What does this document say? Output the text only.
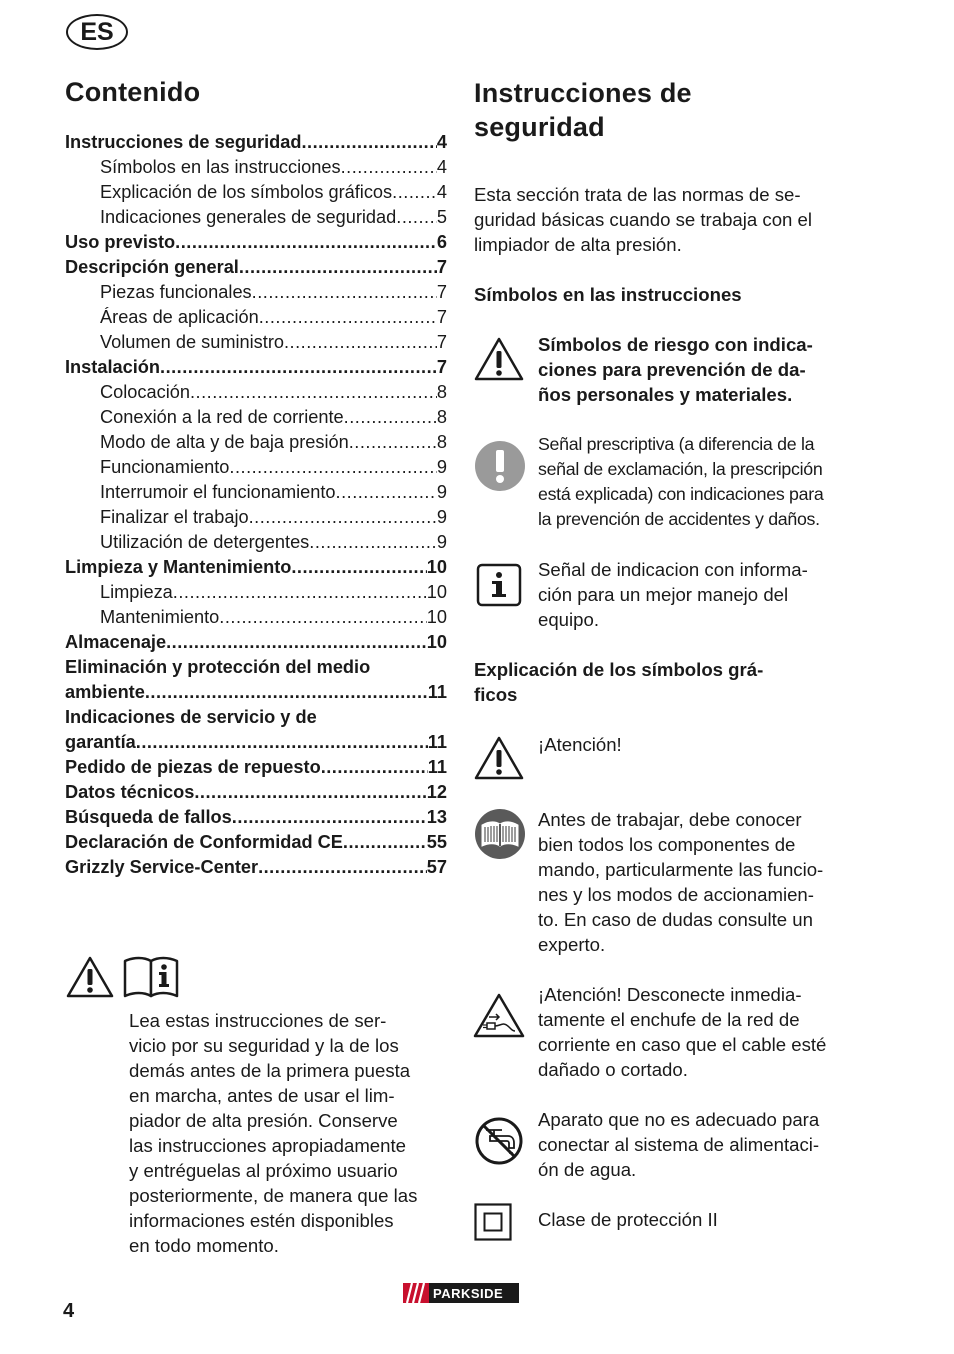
ES
Contenido
Instrucciones de seguridad .....	4
Símbolos en las instrucciones .....	4
Explicación de los símbolos gráficos ..... 4
Indicaciones generales de seguridad ..... 5
Uso previsto .....	6
Descripción general .....	7
Piezas funcionales .....	7
Áreas de aplicación .....	7
Volumen de suministro .....	7
Instalación .....	7
Colocación .....	8
Conexión a la red de corriente .....	8
Modo de alta y de baja presión .....	8
Funcionamiento .....	9
Interrumoir el funcionamiento .....	9
Finalizar el trabajo .....	9
Utilización de detergentes .....	9
Limpieza y Mantenimiento .....	10
Limpieza .....	10
Mantenimiento .....	10
Almacenaje .....	10
Eliminación y protección del medio
ambiente .....	11
Indicaciones de servicio y de
garantía .....	11
Pedido de piezas de repuesto .....	11
Datos técnicos .....	12
Búsqueda de fallos .....	13
Declaración de Conformidad CE .....	55
Grizzly Service-Center .....	57
Lea estas instrucciones de ser-
vicio por su seguridad y la de los
demás antes de la primera puesta
en marcha, antes de usar el lim-
piador de alta presión. Conserve
las instrucciones apropiadamente
y entréguelas al próximo usuario
posteriormente, de manera que las
informaciones estén disponibles
en todo momento.
Instrucciones de
seguridad
Esta sección trata de las normas de se-
guridad básicas cuando se trabaja con el
limpiador de alta presión.
Símbolos en las instrucciones
Símbolos de riesgo con indica-
ciones para prevención de da-
ños personales y materiales.
Señal prescriptiva (a diferencia de la
señal de exclamación, la prescripción
está explicada) con indicaciones para
la prevención de accidentes y daños.
Señal de indicacion con informa-
ción para un mejor manejo del
equipo.
Explicación de los símbolos grá-
ficos
¡Atención!
Antes de trabajar, debe conocer
bien todos los componentes de
mando, particularmente las funcio-
nes y los modos de accionamien-
to. En caso de dudas consulte un
experto.
¡Atención! Desconecte inmedia-
tamente el enchufe de la red de
corriente en caso que el cable esté
dañado o cortado.
Aparato que no es adecuado para
conectar al sistema de alimentaci-
ón de agua.
Clase de protección II
4
PARKSIDE
